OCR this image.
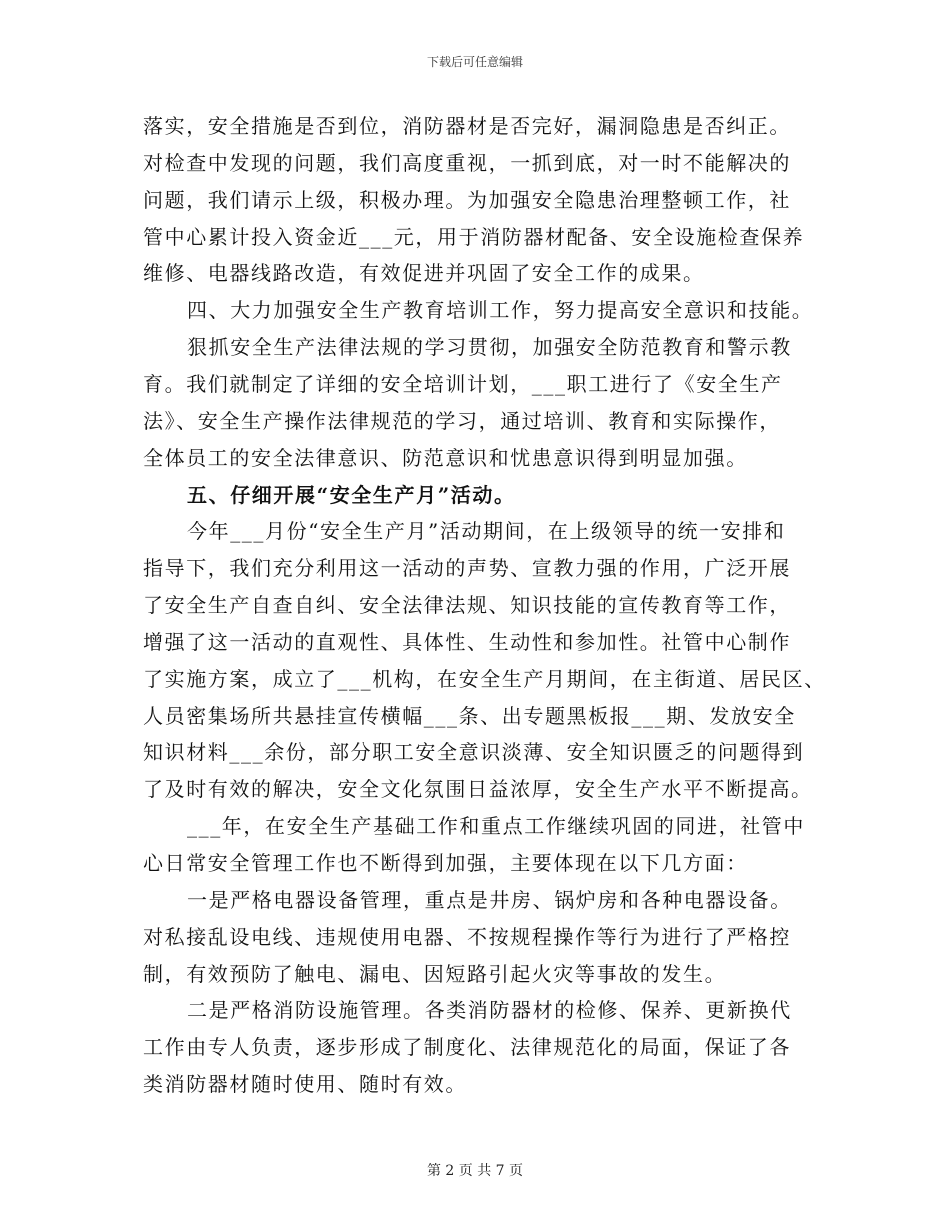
下载后可任意编辑
落实，安全措施是否到位，消防器材是否完好，漏洞隐患是否纠正。
对检查中发现的问题，我们高度重视，一抓到底，对一时不能解决的
问题，我们请示上级，积极办理。为加强安全隐患治理整顿工作，社
管中心累计投入资金近___元，用于消防器材配备、安全设施检查保养
维修、电器线路改造，有效促进并巩固了安全工作的成果。
四、大力加强安全生产教育培训工作，努力提高安全意识和技能。
狠抓安全生产法律法规的学习贯彻，加强安全防范教育和警示教
育。我们就制定了详细的安全培训计划，___职工进行了《安全生产
法》、安全生产操作法律规范的学习，通过培训、教育和实际操作，
全体员工的安全法律意识、防范意识和忧患意识得到明显加强。
五、仔细开展“安全生产月”活动。
今年___月份“安全生产月”活动期间，在上级领导的统一安排和
指导下，我们充分利用这一活动的声势、宣教力强的作用，广泛开展
了安全生产自查自纠、安全法律法规、知识技能的宣传教育等工作，
增强了这一活动的直观性、具体性、生动性和参加性。社管中心制作
了实施方案，成立了___机构，在安全生产月期间，在主街道、居民区、
人员密集场所共悬挂宣传横幅___条、出专题黑板报___期、发放安全
知识材料___余份，部分职工安全意识淡薄、安全知识匮乏的问题得到
了及时有效的解决，安全文化氛围日益浓厚，安全生产水平不断提高。
___年，在安全生产基础工作和重点工作继续巩固的同进，社管中
心日常安全管理工作也不断得到加强，主要体现在以下几方面：
一是严格电器设备管理，重点是井房、锅炉房和各种电器设备。
对私接乱设电线、违规使用电器、不按规程操作等行为进行了严格控
制，有效预防了触电、漏电、因短路引起火灾等事故的发生。
二是严格消防设施管理。各类消防器材的检修、保养、更新换代
工作由专人负责，逐步形成了制度化、法律规范化的局面，保证了各
类消防器材随时使用、随时有效。
第 2 页 共 7 页
